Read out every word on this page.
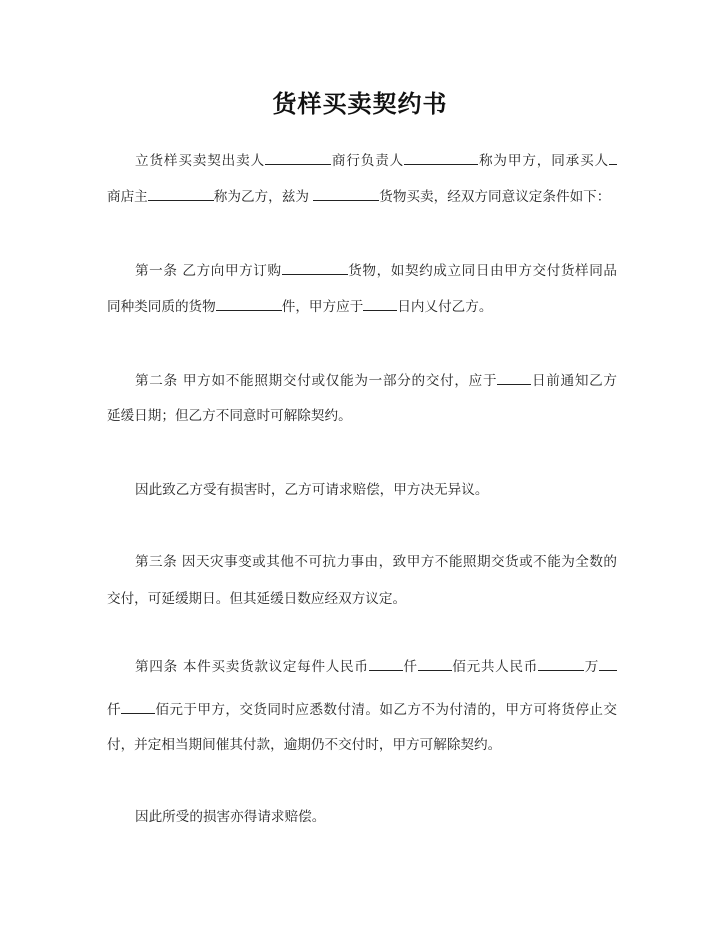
货样买卖契约书
立货样买卖契出卖人	商行负责人	称为甲方，同承买人
商店主	称为乙方，兹为	货物买卖，经双方同意议定条件如下：
第一条 乙方向甲方订购	货物，如契约成立同日由甲方交付货样同品
同种类同质的货物	件，甲方应于	日内乂付乙方。
第二条 甲方如不能照期交付或仅能为一部分的交付，应于	日前通知乙方
延缓日期；但乙方不同意时可解除契约。
因此致乙方受有损害时，乙方可请求赔偿，甲方决无异议。
第三条 因天灾事变或其他不可抗力事由，致甲方不能照期交货或不能为全数的
交付，可延缓期日。但其延缓日数应经双方议定。
第四条 本件买卖货款议定每件人民币	仟	佰元共人民币	万
仟	佰元于甲方，交货同时应悉数付清。如乙方不为付清的，甲方可将货停止交
付，并定相当期间催其付款，逾期仍不交付时，甲方可解除契约。
因此所受的损害亦得请求赔偿。
